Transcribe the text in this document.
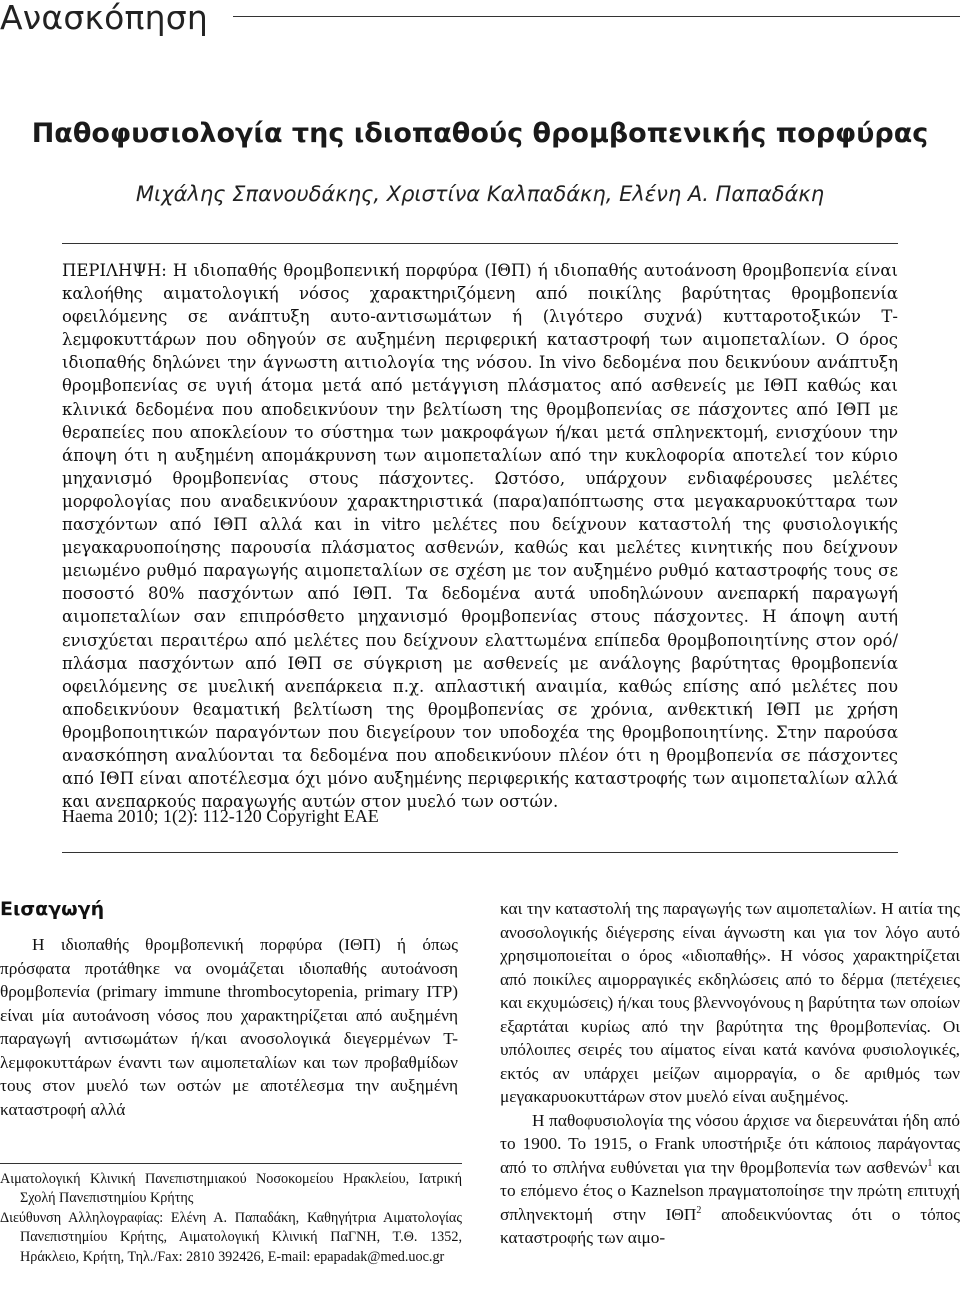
Ανασκόπηση
Παθοφυσιολογία της ιδιοπαθούς θρομβοπενικής πορφύρας
Μιχάλης Σπανουδάκης, Χριστίνα Καλπαδάκη, Ελένη Α. Παπαδάκη
ΠΕΡΙΛΗΨΗ: Η ιδιοπαθής θρομβοπενική πορφύρα (ΙΘΠ) ή ιδιοπαθής αυτοάνοση θρομβοπενία είναι καλοήθης αιματολογική νόσος χαρακτηριζόμενη από ποικίλης βαρύτητας θρομβοπενία οφειλόμενης σε ανάπτυξη αυτο-αντισωμάτων ή (λιγότερο συχνά) κυτταροτοξικών Τ-λεμφοκυττάρων που οδηγούν σε αυξημένη περιφερική καταστροφή των αιμοπεταλίων. Ο όρος ιδιοπαθής δηλώνει την άγνωστη αιτιολογία της νόσου. In vivo δεδομένα που δεικνύουν ανάπτυξη θρομβοπενίας σε υγιή άτομα μετά από μετάγγιση πλάσματος από ασθενείς με ΙΘΠ καθώς και κλινικά δεδομένα που αποδεικνύουν την βελτίωση της θρομβοπενίας σε πάσχοντες από ΙΘΠ με θεραπείες που αποκλείουν το σύστημα των μακροφάγων ή/και μετά σπληνεκτομή, ενισχύουν την άποψη ότι η αυξημένη απομάκρυνση των αιμοπεταλίων από την κυκλοφορία αποτελεί τον κύριο μηχανισμό θρομβοπενίας στους πάσχοντες. Ωστόσο, υπάρχουν ενδιαφέρουσες μελέτες μορφολογίας που αναδεικνύουν χαρακτηριστικά (παρα)απόπτωσης στα μεγακαρυοκύτταρα των πασχόντων από ΙΘΠ αλλά και in vitro μελέτες που δείχνουν καταστολή της φυσιολογικής μεγακαρυοποίησης παρουσία πλάσματος ασθενών, καθώς και μελέτες κινητικής που δείχνουν μειωμένο ρυθμό παραγωγής αιμοπεταλίων σε σχέση με τον αυξημένο ρυθμό καταστροφής τους σε ποσοστό 80% πασχόντων από ΙΘΠ. Τα δεδομένα αυτά υποδηλώνουν ανεπαρκή παραγωγή αιμοπεταλίων σαν επιπρόσθετο μηχανισμό θρομβοπενίας στους πάσχοντες. Η άποψη αυτή ενισχύεται περαιτέρω από μελέτες που δείχνουν ελαττωμένα επίπεδα θρομβοποιητίνης στον ορό/πλάσμα πασχόντων από ΙΘΠ σε σύγκριση με ασθενείς με ανάλογης βαρύτητας θρομβοπενία οφειλόμενης σε μυελική ανεπάρκεια π.χ. απλαστική αναιμία, καθώς επίσης από μελέτες που αποδεικνύουν θεαματική βελτίωση της θρομβοπενίας σε χρόνια, ανθεκτική ΙΘΠ με χρήση θρομβοποιητικών παραγόντων που διεγείρουν τον υποδοχέα της θρομβοποιητίνης. Στην παρούσα ανασκόπηση αναλύονται τα δεδομένα που αποδεικνύουν πλέον ότι η θρομβοπενία σε πάσχοντες από ΙΘΠ είναι αποτέλεσμα όχι μόνο αυξημένης περιφερικής καταστροφής των αιμοπεταλίων αλλά και ανεπαρκούς παραγωγής αυτών στον μυελό των οστών.
Haema 2010; 1(2): 112-120 Copyright ΕΑΕ
Εισαγωγή

Η ιδιοπαθής θρομβοπενική πορφύρα (ΙΘΠ) ή όπως πρόσφατα προτάθηκε να ονομάζεται ιδιοπαθής αυτοάνοση θρομβοπενία (primary immune thrombocytopenia, primary ITP) είναι μία αυτοάνοση νόσος που χαρακτηρίζεται από αυξημένη παραγωγή αντισωμάτων ή/και ανοσολογικά διεγερμένων Τ-λεμφοκυττάρων έναντι των αιμοπεταλίων και των προβαθμίδων τους στον μυελό των οστών με αποτέλεσμα την αυξημένη καταστροφή αλλά

Αιματολογική Κλινική Πανεπιστημιακού Νοσοκομείου Ηρακλείου, Ιατρική Σχολή Πανεπιστημίου Κρήτης

Διεύθυνση Αλληλογραφίας: Ελένη Α. Παπαδάκη, Καθηγήτρια Αιματολογίας Πανεπιστημίου Κρήτης, Αιματολογική Κλινική ΠαΓΝΗ, Τ.Θ. 1352, Ηράκλειο, Κρήτη, Τηλ./Fax: 2810 392426, E-mail: epapadak@med.uoc.gr

και την καταστολή της παραγωγής των αιμοπεταλίων. Η αιτία της ανοσολογικής διέγερσης είναι άγνωστη και για τον λόγο αυτό χρησιμοποιείται ο όρος «ιδιοπαθής». Η νόσος χαρακτηρίζεται από ποικίλες αιμορραγικές εκδηλώσεις από το δέρμα (πετέχειες και εκχυμώσεις) ή/και τους βλεννογόνους η βαρύτητα των οποίων εξαρτάται κυρίως από την βαρύτητα της θρομβοπενίας. Οι υπόλοιπες σειρές του αίματος είναι κατά κανόνα φυσιολογικές, εκτός αν υπάρχει μείζων αιμορραγία, ο δε αριθμός των μεγακαρυοκυττάρων στον μυελό είναι αυξημένος.

Η παθοφυσιολογία της νόσου άρχισε να διερευνάται ήδη από το 1900. Το 1915, ο Frank υποστήριξε ότι κάποιος παράγοντας από το σπλήνα ευθύνεται για την θρομβοπενία των ασθενών$^1$ και το επόμενο έτος ο Kaznelson πραγματοποίησε την πρώτη επιτυχή σπληνεκτομή στην ΙΘΠ$^2$ αποδεικνύοντας ότι ο τόπος καταστροφής των αιμο-
